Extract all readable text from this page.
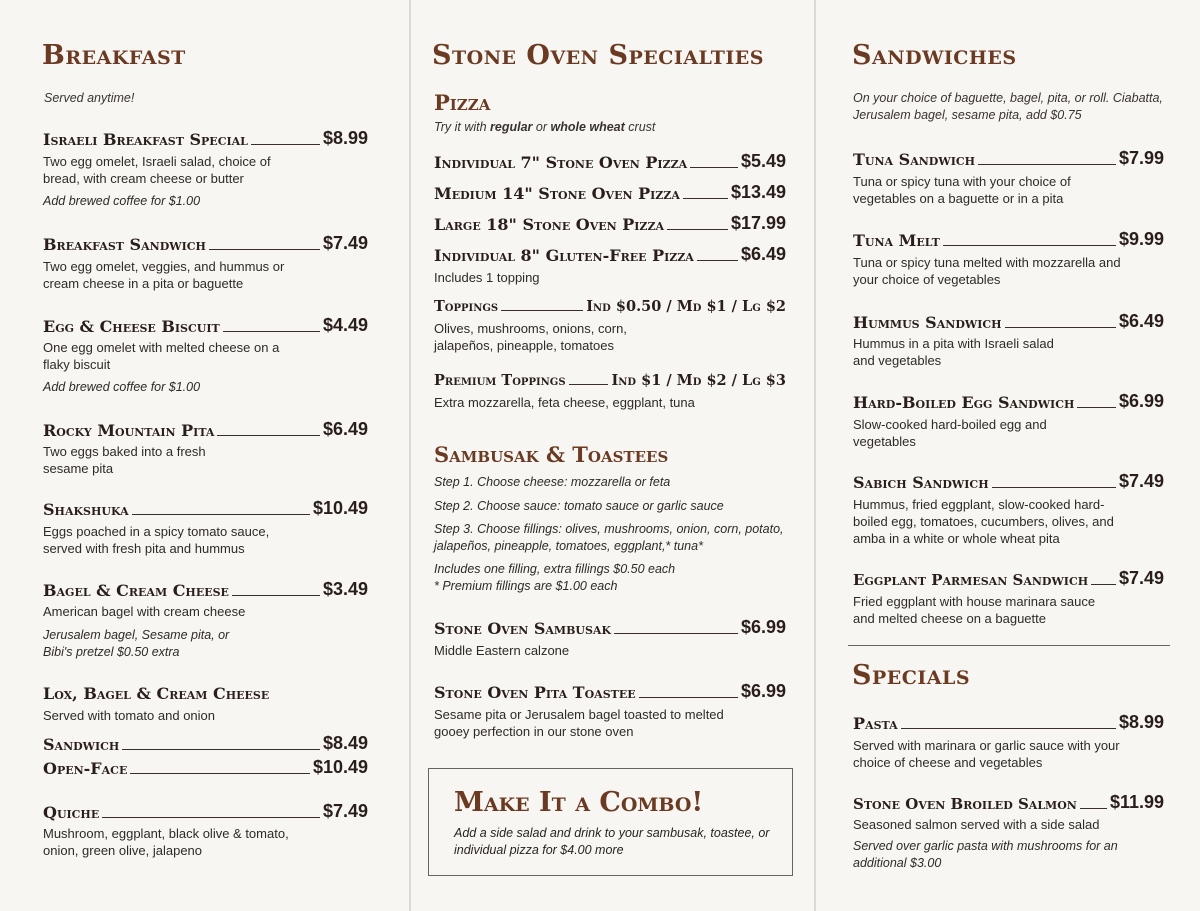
Breakfast
Served anytime!
Israeli Breakfast Special	$8.99
Two egg omelet, Israeli salad, choice of bread, with cream cheese or butter
Add brewed coffee for $1.00
Breakfast Sandwich	$7.49
Two egg omelet, veggies, and hummus or cream cheese in a pita or baguette
Egg & Cheese Biscuit	$4.49
One egg omelet with melted cheese on a flaky biscuit
Add brewed coffee for $1.00
Rocky Mountain Pita	$6.49
Two eggs baked into a fresh sesame pita
Shakshuka	$10.49
Eggs poached in a spicy tomato sauce, served with fresh pita and hummus
Bagel & Cream Cheese	$3.49
American bagel with cream cheese
Jerusalem bagel, Sesame pita, or Bibi's pretzel $0.50 extra
Lox, Bagel & Cream Cheese
Served with tomato and onion
Sandwich	$8.49
Open-Face	$10.49
Quiche	$7.49
Mushroom, eggplant, black olive & tomato, onion, green olive, jalapeno
Stone Oven Specialties
Pizza
Try it with regular or whole wheat crust
Individual 7" Stone Oven Pizza	$5.49
Medium 14" Stone Oven Pizza	$13.49
Large 18" Stone Oven Pizza	$17.99
Individual 8" Gluten-Free Pizza	$6.49
Includes 1 topping
Toppings	Ind $0.50 / Md $1 / Lg $2
Olives, mushrooms, onions, corn, jalapeños, pineapple, tomatoes
Premium Toppings	Ind $1 / Md $2 / Lg $3
Extra mozzarella, feta cheese, eggplant, tuna
Sambusak & Toastees
Step 1. Choose cheese: mozzarella or feta
Step 2. Choose sauce: tomato sauce or garlic sauce
Step 3. Choose fillings: olives, mushrooms, onion, corn, potato, jalapeños, pineapple, tomatoes, eggplant,* tuna*
Includes one filling, extra fillings $0.50 each
* Premium fillings are $1.00 each
Stone Oven Sambusak	$6.99
Middle Eastern calzone
Stone Oven Pita Toastee	$6.99
Sesame pita or Jerusalem bagel toasted to melted gooey perfection in our stone oven
Make It a Combo!
Add a side salad and drink to your sambusak, toastee, or individual pizza for $4.00 more
Sandwiches
On your choice of baguette, bagel, pita, or roll. Ciabatta, Jerusalem bagel, sesame pita, add $0.75
Tuna Sandwich	$7.99
Tuna or spicy tuna with your choice of vegetables on a baguette or in a pita
Tuna Melt	$9.99
Tuna or spicy tuna melted with mozzarella and your choice of vegetables
Hummus Sandwich	$6.49
Hummus in a pita with Israeli salad and vegetables
Hard-Boiled Egg Sandwich $6.99
Slow-cooked hard-boiled egg and vegetables
Sabich Sandwich	$7.49
Hummus, fried eggplant, slow-cooked hard-boiled egg, tomatoes, cucumbers, olives, and amba in a white or whole wheat pita
Eggplant Parmesan Sandwich $7.49
Fried eggplant with house marinara sauce and melted cheese on a baguette
Specials
Pasta	$8.99
Served with marinara or garlic sauce with your choice of cheese and vegetables
Stone Oven Broiled Salmon $11.99
Seasoned salmon served with a side salad
Served over garlic pasta with mushrooms for an additional $3.00
